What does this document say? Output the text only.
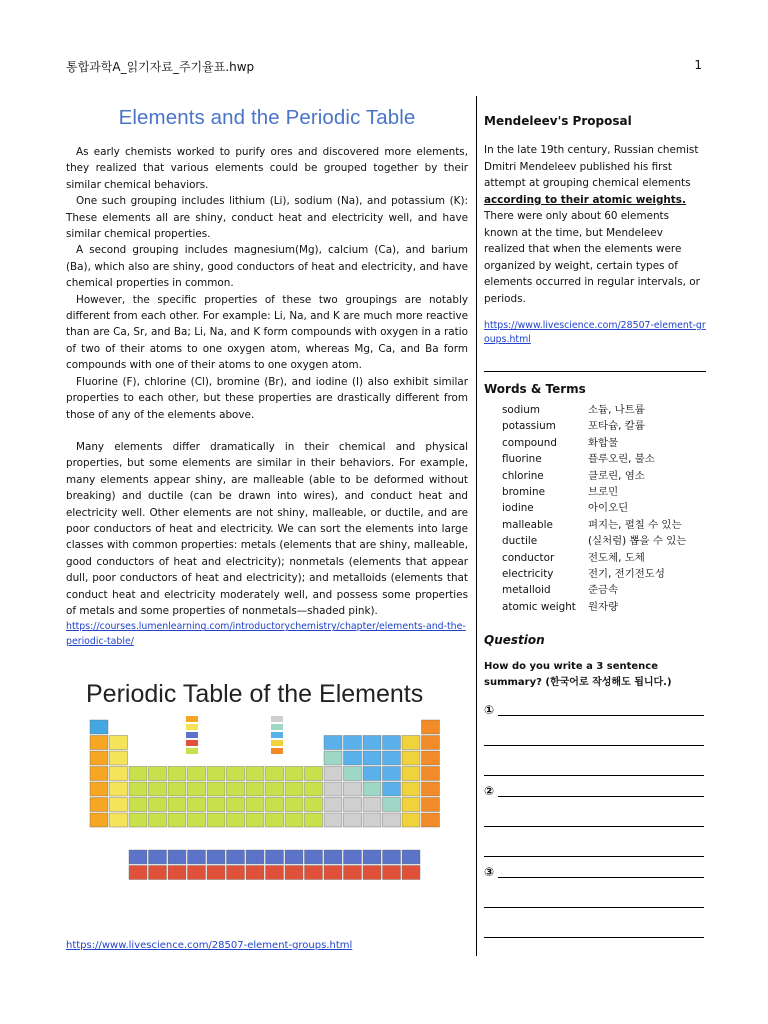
통합과학A_읽기자료_주기율표.hwp	1
Elements and the Periodic Table

As early chemists worked to purify ores and discovered more elements, they realized that various elements could be grouped together by their similar chemical behaviors.

One such grouping includes lithium (Li), sodium (Na), and potassium (K): These elements all are shiny, conduct heat and electricity well, and have similar chemical properties.

A second grouping includes magnesium(Mg), calcium (Ca), and barium (Ba), which also are shiny, good conductors of heat and electricity, and have chemical properties in common.

However, the specific properties of these two groupings are notably different from each other. For example: Li, Na, and K are much more reactive than are Ca, Sr, and Ba; Li, Na, and K form compounds with oxygen in a ratio of two of their atoms to one oxygen atom, whereas Mg, Ca, and Ba form compounds with one of their atoms to one oxygen atom.

Fluorine (F), chlorine (Cl), bromine (Br), and iodine (I) also exhibit similar properties to each other, but these properties are drastically different from those of any of the elements above.

Many elements differ dramatically in their chemical and physical properties, but some elements are similar in their behaviors. For example, many elements appear shiny, are malleable (able to be deformed without breaking) and ductile (can be drawn into wires), and conduct heat and electricity well. Other elements are not shiny, malleable, or ductile, and are poor conductors of heat and electricity. We can sort the elements into large classes with common properties: metals (elements that are shiny, malleable, good conductors of heat and electricity); nonmetals (elements that appear dull, poor conductors of heat and electricity); and metalloids (elements that conduct heat and electricity moderately well, and possess some properties of metals and some properties of nonmetals—shaded pink).

https://courses.lumenlearning.com/introductorychemistry/chapter/elements-and-the-periodic-table/
Periodic Table of the Elements
https://www.livescience.com/28507-element-groups.html
Mendeleev's Proposal

In the late 19th century, Russian chemist Dmitri Mendeleev published his first attempt at grouping chemical elements according to their atomic weights. There were only about 60 elements known at the time, but Mendeleev realized that when the elements were organized by weight, certain types of elements occurred in regular intervals, or periods.

https://www.livescience.com/28507-element-groups.html
Words & Terms
sodium	소듐, 나트륨
potassium	포타슘, 칼륨
compound	화합물
fluorine	플루오린, 불소
chlorine	클로린, 염소
bromine	브로민
iodine	아이오딘
malleable	펴지는, 펼칠 수 있는
ductile	(실처럼) 뽑을 수 있는
conductor	전도체, 도체
electricity	전기, 전기전도성
metalloid	준금속
atomic weight	원자량
Question
How do you write a 3 sentence summary? (한국어로 작성해도 됩니다.)
①
②
③
